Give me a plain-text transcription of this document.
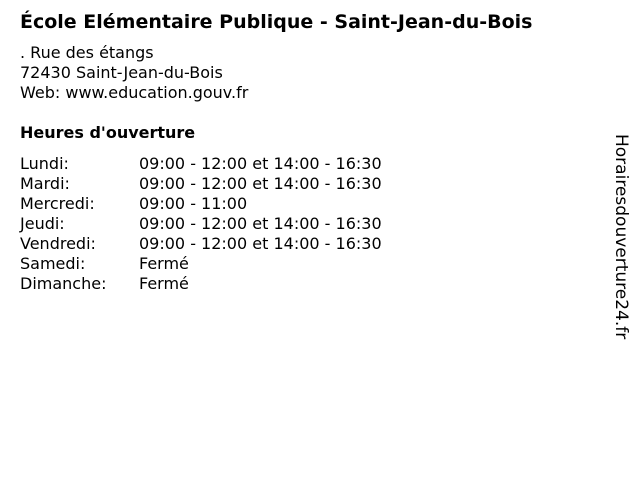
École Elémentaire Publique - Saint-Jean-du-Bois
. Rue des étangs
72430 Saint-Jean-du-Bois
Web: www.education.gouv.fr
Heures d'ouverture
Lundi:	09:00 - 12:00 et 14:00 - 16:30
Mardi:	09:00 - 12:00 et 14:00 - 16:30
Mercredi:	09:00 - 11:00
Jeudi:	09:00 - 12:00 et 14:00 - 16:30
Vendredi:	09:00 - 12:00 et 14:00 - 16:30
Samedi:	Fermé
Dimanche: Fermé	Horairesdouverture24.fr
